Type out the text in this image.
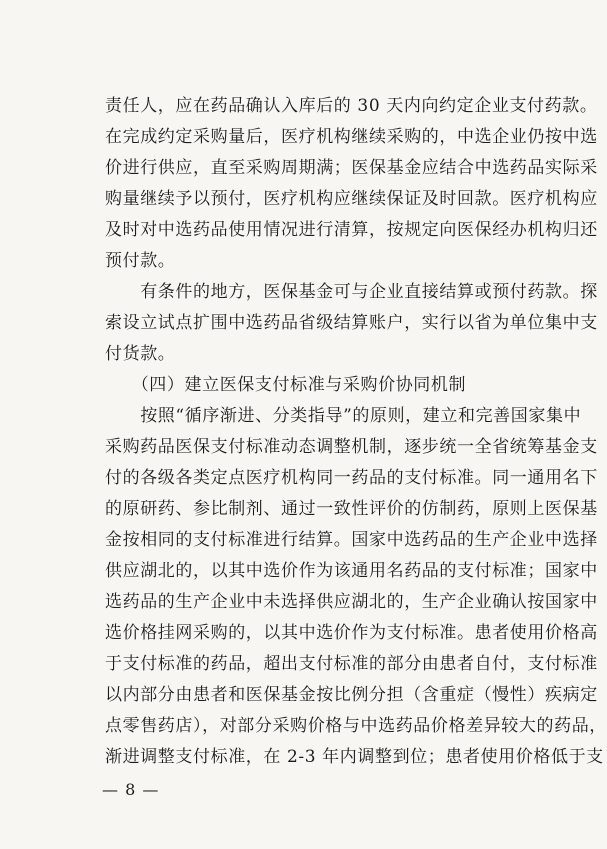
责任人，应在药品确认入库后的 30 天内向约定企业支付药款。
在完成约定采购量后，医疗机构继续采购的，中选企业仍按中选
价进行供应，直至采购周期满；医保基金应结合中选药品实际采
购量继续予以预付，医疗机构应继续保证及时回款。医疗机构应
及时对中选药品使用情况进行清算，按规定向医保经办机构归还
预付款。
　　有条件的地方，医保基金可与企业直接结算或预付药款。探
索设立试点扩围中选药品省级结算账户，实行以省为单位集中支
付货款。
　　（四）建立医保支付标准与采购价协同机制
　　按照“循序渐进、分类指导”的原则，建立和完善国家集中
采购药品医保支付标准动态调整机制，逐步统一全省统筹基金支
付的各级各类定点医疗机构同一药品的支付标准。同一通用名下
的原研药、参比制剂、通过一致性评价的仿制药，原则上医保基
金按相同的支付标准进行结算。国家中选药品的生产企业中选择
供应湖北的，以其中选价作为该通用名药品的支付标准；国家中
选药品的生产企业中未选择供应湖北的，生产企业确认按国家中
选价格挂网采购的，以其中选价作为支付标准。患者使用价格高
于支付标准的药品，超出支付标准的部分由患者自付，支付标准
以内部分由患者和医保基金按比例分担（含重症（慢性）疾病定
点零售药店），对部分采购价格与中选药品价格差异较大的药品，
渐进调整支付标准，在 2-3 年内调整到位；患者使用价格低于支
— 8 —
